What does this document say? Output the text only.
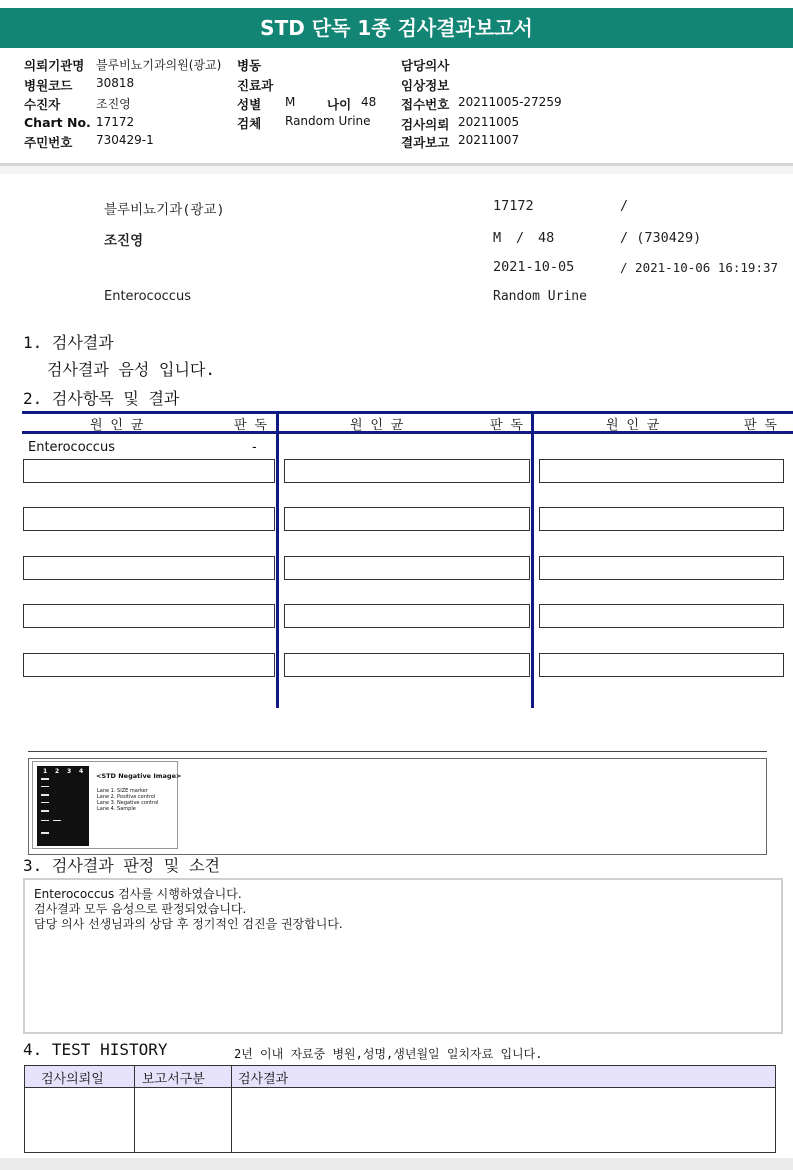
STD 단독 1종 검사결과보고서
의뢰기관명 블루비뇨기과의원(광교)
병원코드 30818
수진자	조진영
Chart No. 17172
주민번호 730429-1
병동
진료과
성별 M	나이 48
검체 Random Urine
담당의사
임상정보
접수번호 20211005-27259
검사의뢰 20211005
결과보고 20211007
블루비뇨기과(광교)	17172	/
조진영	M / 48	/ (730429)
2021-10-05	/ 2021-10-06 16:19:37
Enterococcus	Random Urine
1. 검사결과
검사결과 음성 입니다.
2. 검사항목 및 결과
원 인 균	판 독	원 인 균	판 독	원 인 균	판 독
Enterococcus	-
1 2 3 4
<STD Negative Image>
Lane 1. SIZE marker
Lane 2. Positive control
Lane 3. Negative control
Lane 4. Sample
3. 검사결과 판정 및 소견
Enterococcus 검사를 시행하였습니다.
검사결과 모두 음성으로 판정되었습니다.
담당 의사 선생님과의 상담 후 정기적인 검진을 권장합니다.
4. TEST HISTORY	2년 이내 자료중 병원,성명,생년월일 일치자료 입니다.
검사의뢰일	보고서구분	검사결과
